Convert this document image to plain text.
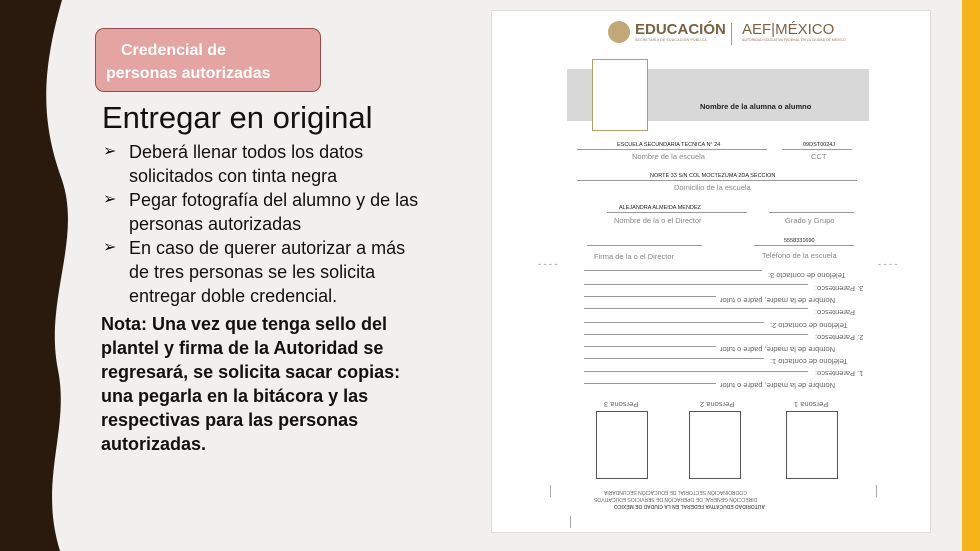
Credencial de
personas autorizadas
Entregar en original
➢ Deberá llenar todos los datos solicitados con tinta negra
➢ Pegar fotografía del alumno y de las personas autorizadas
➢ En caso de querer autorizar a más de tres personas se les solicita entregar doble credencial.
Nota: Una vez que tenga sello del plantel y firma de la Autoridad se regresará, se solicita sacar copias: una pegarla en la bitácora y las respectivas para las personas autorizadas.
EDUCACIÓN
SECRETARÍA DE EDUCACIÓN PÚBLICA
AEF|MÉXICO
AUTORIDAD EDUCATIVA FEDERAL EN LA CIUDAD DE MÉXICO
Nombre de la alumna o alumno
ESCUELA SECUNDARIA TECNICA N° 24	09DST0024J
Nombre de la escuela	CCT
NORTE 33 S/N COL MOCTEZUMA 2DA SECCION
Domicilio de la escuela
ALEJANDRA ALMEIDA MENDEZ
Nombre de la o el Director	Grado y Grupo
5558331690
Firma de la o el Director	Teléfono de la escuela
- - - -	- - - -
Teléfono de contacto 3:
3. Parentesco:
Nombre de la madre, padre o tutor
Parentesco:
Teléfono de contacto 2:
2. Parentesco:
Nombre de la madre, padre o tutor
Teléfono de contacto 1:
1. Parentesco:
Nombre de la madre, padre o tutor
Persona 3	Persona 2	Persona 1
COORDINACIÓN SECTORIAL DE EDUCACIÓN SECUNDARIA
DIRECCIÓN GENERAL DE OPERACIÓN DE SERVICIOS EDUCATIVOS
AUTORIDAD EDUCATIVA FEDERAL EN LA CIUDAD DE MÉXICO
